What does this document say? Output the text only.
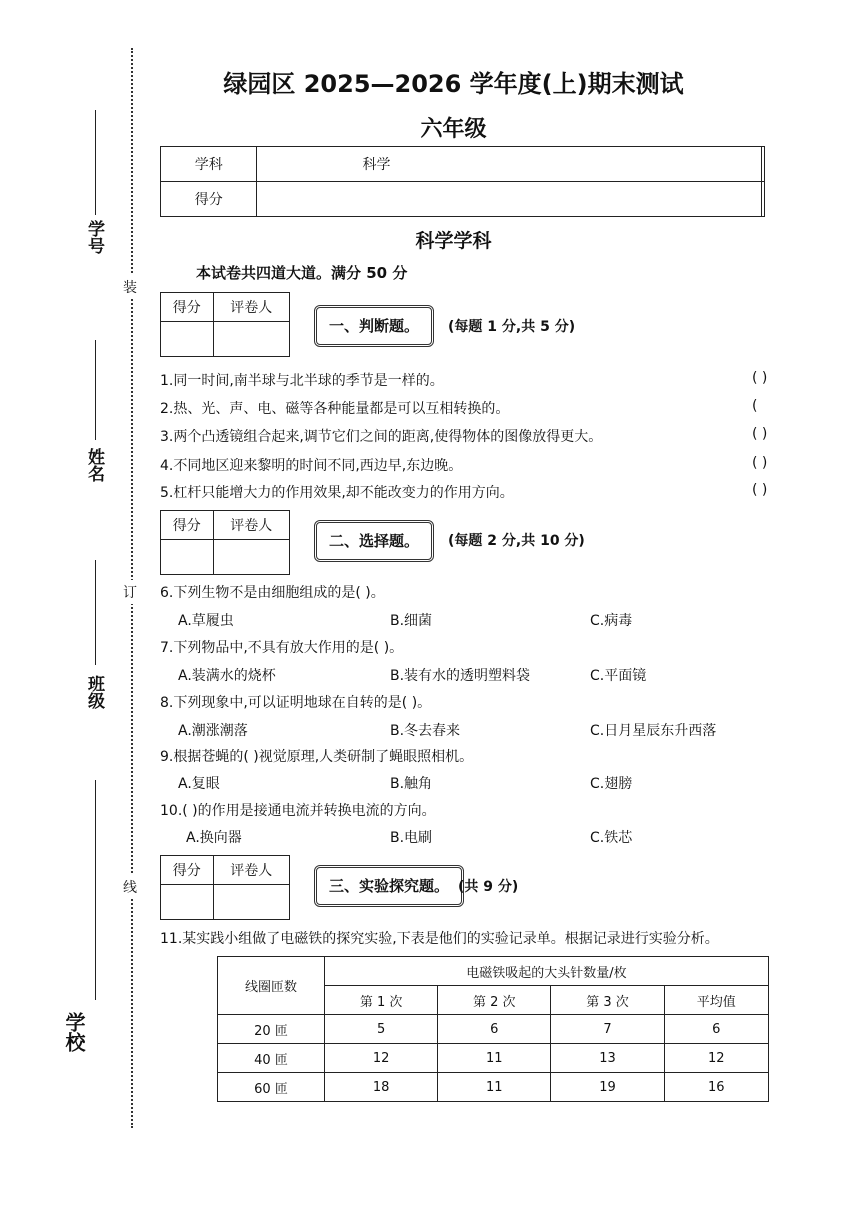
装
订
线
学号
姓名
班级
学校
绿园区 2025—2026 学年度(上)期末测试
六年级
学科	科学	
得分		
科学学科
本试卷共四道大道。满分 50 分
得分	评卷人

一、判断题。	(每题 1 分,共 5 分)
1.同一时间,南半球与北半球的季节是一样的。	( )
2.热、光、声、电、磁等各种能量都是可以互相转换的。	(
3.两个凸透镜组合起来,调节它们之间的距离,使得物体的图像放得更大。	( )
4.不同地区迎来黎明的时间不同,西边早,东边晚。	( )
5.杠杆只能增大力的作用效果,却不能改变力的作用方向。	( )
得分	评卷人

二、选择题。	(每题 2 分,共 10 分)
6.下列生物不是由细胞组成的是( )。
A.草履虫	B.细菌	C.病毒
7.下列物品中,不具有放大作用的是( )。
A.装满水的烧杯	B.装有水的透明塑料袋	C.平面镜
8.下列现象中,可以证明地球在自转的是( )。
A.潮涨潮落	B.冬去春来	C.日月星辰东升西落
9.根据苍蝇的( )视觉原理,人类研制了蝇眼照相机。
A.复眼	B.触角	C.翅膀
10.( )的作用是接通电流并转换电流的方向。
A.换向器	B.电刷	C.铁芯
得分	评卷人

三、实验探究题。 (共 9 分)
11.某实践小组做了电磁铁的探究实验,下表是他们的实验记录单。根据记录进行实验分析。
线圈匝数	电磁铁吸起的大头针数量/枚			
	第 1 次	第 2 次	第 3 次	平均值
20 匝	5	6	7	6
40 匝	12	11	13	12
60 匝	18	11	19	16
